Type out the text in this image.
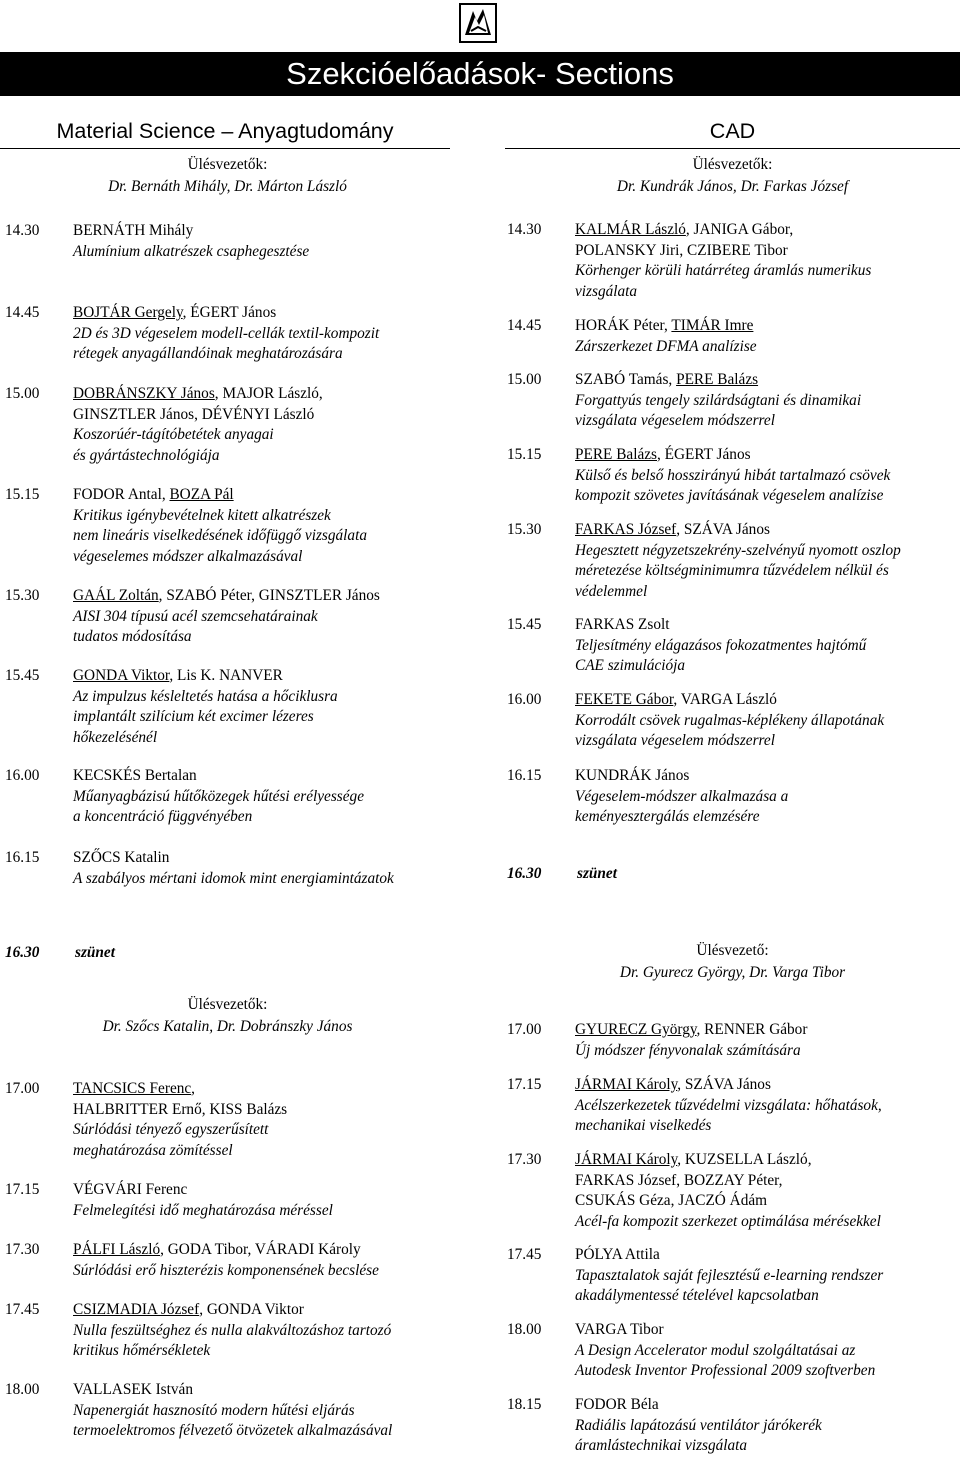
Szekcióelőadások- Sections
Material Science – Anyagtudomány
Ülésvezetők:
Dr. Bernáth Mihály, Dr. Márton László
CAD
Ülésvezetők:
Dr. Kundrák János, Dr. Farkas József
14.30 BERNÁTH Mihály
Alumínium alkatrészek csaphegesztése
14.45 BOJTÁR Gergely, ÉGERT János
2D és 3D végeselem modell-cellák textil-kompozit
rétegek anyagállandóinak meghatározására
15.00 DOBRÁNSZKY János, MAJOR László,
GINSZTLER János, DÉVÉNYI László
Koszorúér-tágítóbetétek anyagai
és gyártástechnológiája
15.15 FODOR Antal, BOZA Pál
Kritikus igénybevételnek kitett alkatrészek
nem lineáris viselkedésének időfüggő vizsgálata
végeselemes módszer alkalmazásával
15.30 GAÁL Zoltán, SZABÓ Péter, GINSZTLER János
AISI 304 típusú acél szemcsehatárainak
tudatos módosítása
15.45 GONDA Viktor, Lis K. NANVER
Az impulzus késleltetés hatása a hőciklusra
implantált szilícium két excimer lézeres
hőkezelésénél
16.00 KECSKÉS Bertalan
Műanyagbázisú hűtőközegek hűtési erélyessége
a koncentráció függvényében
16.15 SZŐCS Katalin
A szabályos mértani idomok mint energiamintázatok
14.30 KALMÁR László, JANIGA Gábor,
POLANSKY Jiri, CZIBERE Tibor
Körhenger körüli határréteg áramlás numerikus
vizsgálata
14.45 HORÁK Péter, TIMÁR Imre
Zárszerkezet DFMA analízise
15.00 SZABÓ Tamás, PERE Balázs
Forgattyús tengely szilárdságtani és dinamikai
vizsgálata végeselem módszerrel
15.15 PERE Balázs, ÉGERT János
Külső és belső hosszirányú hibát tartalmazó csövek
kompozit szövetes javításának végeselem analízise
15.30 FARKAS József, SZÁVA János
Hegesztett négyzetszekrény-szelvényű nyomott oszlop
méretezése költségminimumra tűzvédelem nélkül és
védelemmel
15.45 FARKAS Zsolt
Teljesítmény elágazásos fokozatmentes hajtómű
CAE szimulációja
16.00 FEKETE Gábor, VARGA László
Korrodált csövek rugalmas-képlékeny állapotának
vizsgálata végeselem módszerrel
16.15 KUNDRÁK János
Végeselem-módszer alkalmazása a
keményesztergálás elemzésére
16.30 szünet
16.30 szünet
Ülésvezetők:
Dr. Szőcs Katalin, Dr. Dobránszky János
17.00 TANCSICS Ferenc,
HALBRITTER Ernő, KISS Balázs
Súrlódási tényező egyszerűsített
meghatározása zömítéssel
17.15 VÉGVÁRI Ferenc
Felmelegítési idő meghatározása méréssel
17.30 PÁLFI László, GODA Tibor, VÁRADI Károly
Súrlódási erő hiszterézis komponensének becslése
17.45 CSIZMADIA József, GONDA Viktor
Nulla feszültséghez és nulla alakváltozáshoz tartozó
kritikus hőmérsékletek
18.00 VALLASEK István
Napenergiát hasznosító modern hűtési eljárás
termoelektromos félvezető ötvözetek alkalmazásával
Ülésvezető:
Dr. Gyurecz György, Dr. Varga Tibor
17.00 GYURECZ György, RENNER Gábor
Új módszer fényvonalak számítására
17.15 JÁRMAI Károly, SZÁVA János
Acélszerkezetek tűzvédelmi vizsgálata: hőhatások,
mechanikai viselkedés
17.30 JÁRMAI Károly, KUZSELLA László,
FARKAS József, BOZZAY Péter,
CSUKÁS Géza, JACZÓ Ádám
Acél-fa kompozit szerkezet optimálása mérésekkel
17.45 PÓLYA Attila
Tapasztalatok saját fejlesztésű e-learning rendszer
akadálymentessé tételével kapcsolatban
18.00 VARGA Tibor
A Design Accelerator modul szolgáltatásai az
Autodesk Inventor Professional 2009 szoftverben
18.15 FODOR Béla
Radiális lapátozású ventilátor járókerék
áramlástechnikai vizsgálata
